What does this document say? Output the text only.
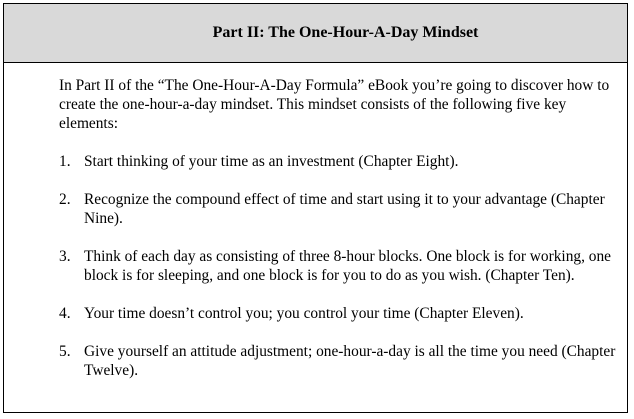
Part II: The One-Hour-A-Day Mindset

In Part II of the “The One-Hour-A-Day Formula” eBook you’re going to discover how to create the one-hour-a-day mindset. This mindset consists of the following five key elements:

1. Start thinking of your time as an investment (Chapter Eight).
2. Recognize the compound effect of time and start using it to your advantage (Chapter Nine).
3. Think of each day as consisting of three 8-hour blocks. One block is for working, one block is for sleeping, and one block is for you to do as you wish. (Chapter Ten).
4. Your time doesn’t control you; you control your time (Chapter Eleven).
5. Give yourself an attitude adjustment; one-hour-a-day is all the time you need (Chapter Twelve).
